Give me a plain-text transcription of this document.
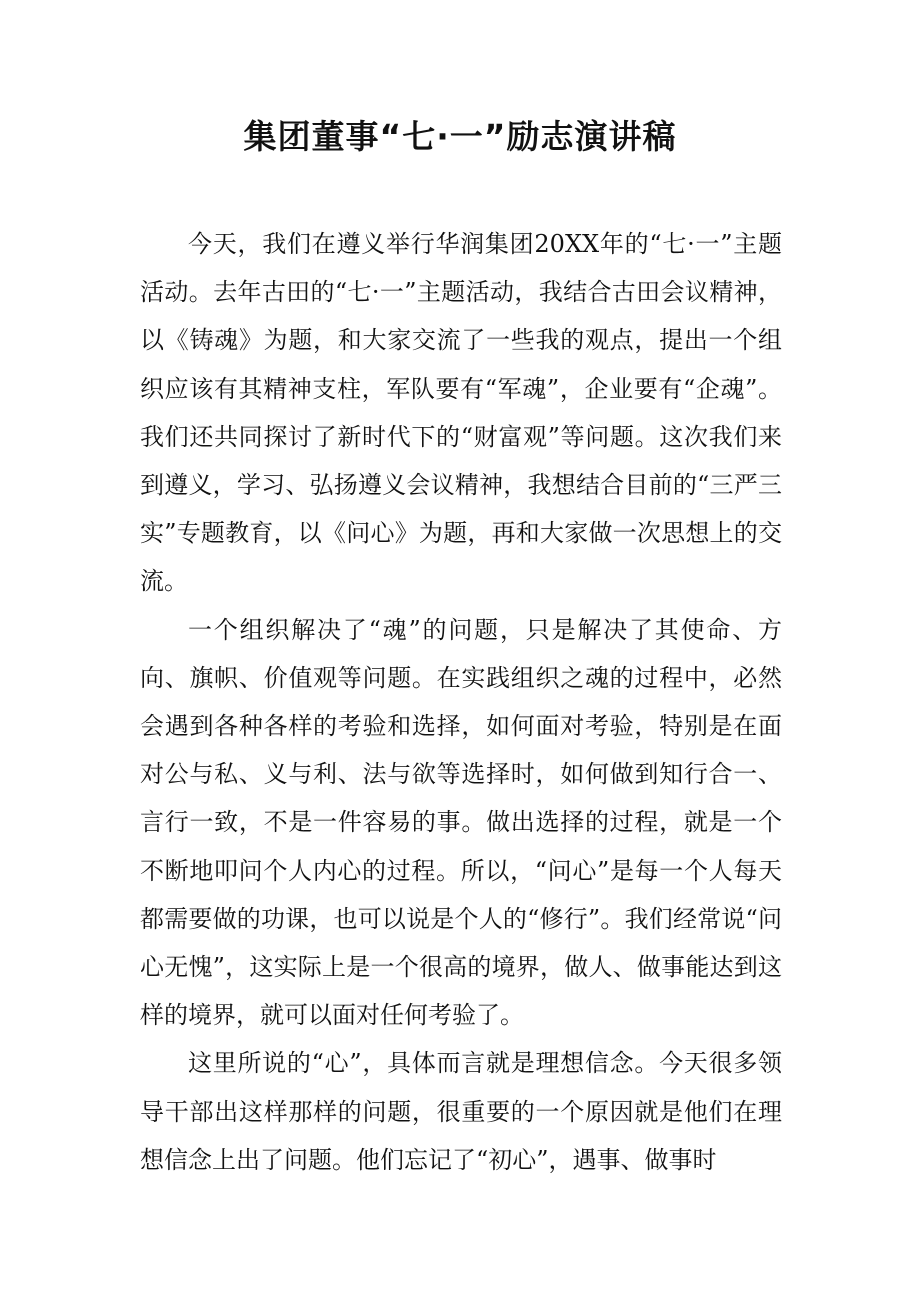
集团董事“七·一”励志演讲稿

今天，我们在遵义举行华润集团20XX年的“七·一”主题活动。去年古田的“七·一”主题活动，我结合古田会议精神，以《铸魂》为题，和大家交流了一些我的观点，提出一个组织应该有其精神支柱，军队要有“军魂”，企业要有“企魂”。我们还共同探讨了新时代下的“财富观”等问题。这次我们来到遵义，学习、弘扬遵义会议精神，我想结合目前的“三严三实”专题教育，以《问心》为题，再和大家做一次思想上的交流。

一个组织解决了“魂”的问题，只是解决了其使命、方向、旗帜、价值观等问题。在实践组织之魂的过程中，必然会遇到各种各样的考验和选择，如何面对考验，特别是在面对公与私、义与利、法与欲等选择时，如何做到知行合一、言行一致，不是一件容易的事。做出选择的过程，就是一个不断地叩问个人内心的过程。所以，“问心”是每一个人每天都需要做的功课，也可以说是个人的“修行”。我们经常说“问心无愧”，这实际上是一个很高的境界，做人、做事能达到这样的境界，就可以面对任何考验了。

这里所说的“心”，具体而言就是理想信念。今天很多领导干部出这样那样的问题，很重要的一个原因就是他们在理想信念上出了问题。他们忘记了“初心”，遇事、做事时
